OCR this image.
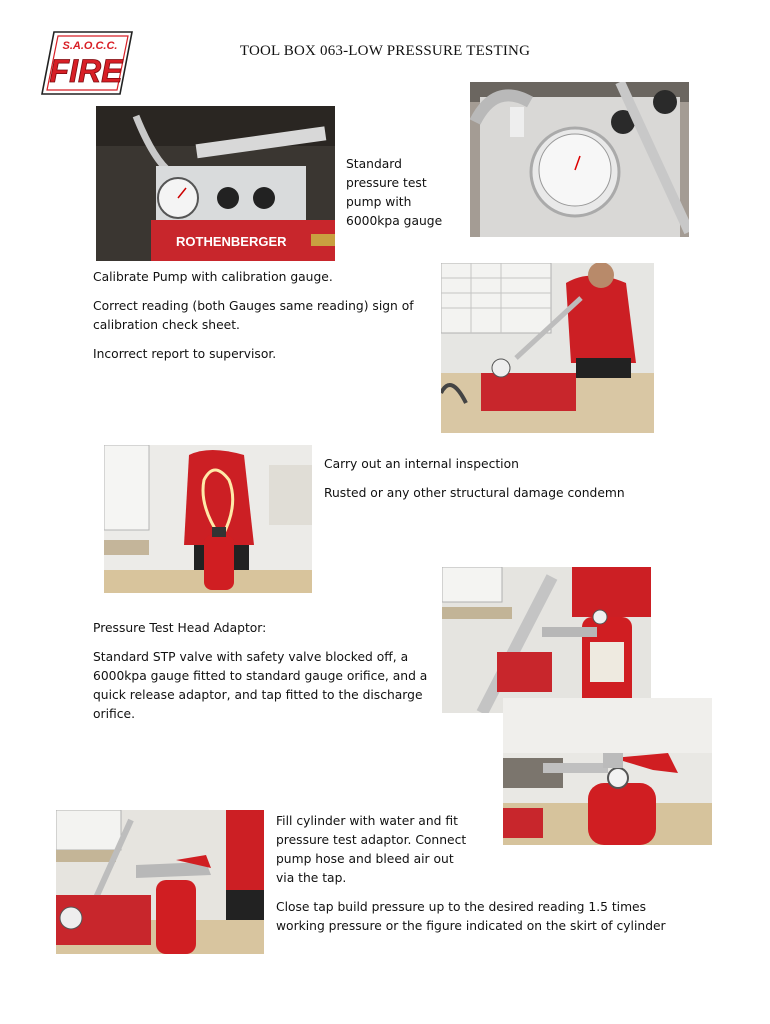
S.A.O.C.C.
FIRE
TOOL BOX 063-LOW PRESSURE TESTING
ROTHENBERGER
Standard
pressure test
pump with
6000kpa gauge

Calibrate Pump with calibration gauge.

Correct reading (both Gauges same reading) sign of calibration check sheet.

Incorrect report to supervisor.

Carry out an internal inspection

Rusted or any other structural damage condemn

Pressure Test Head Adaptor:

Standard STP valve with safety valve blocked off, a 6000kpa gauge fitted to standard gauge orifice, and a quick release adaptor, and tap fitted to the discharge orifice.

Fill cylinder with water and fit pressure test adaptor. Connect pump hose and bleed air out via the tap.

Close tap build pressure up to the desired reading 1.5 times working pressure or the figure indicated on the skirt of cylinder
